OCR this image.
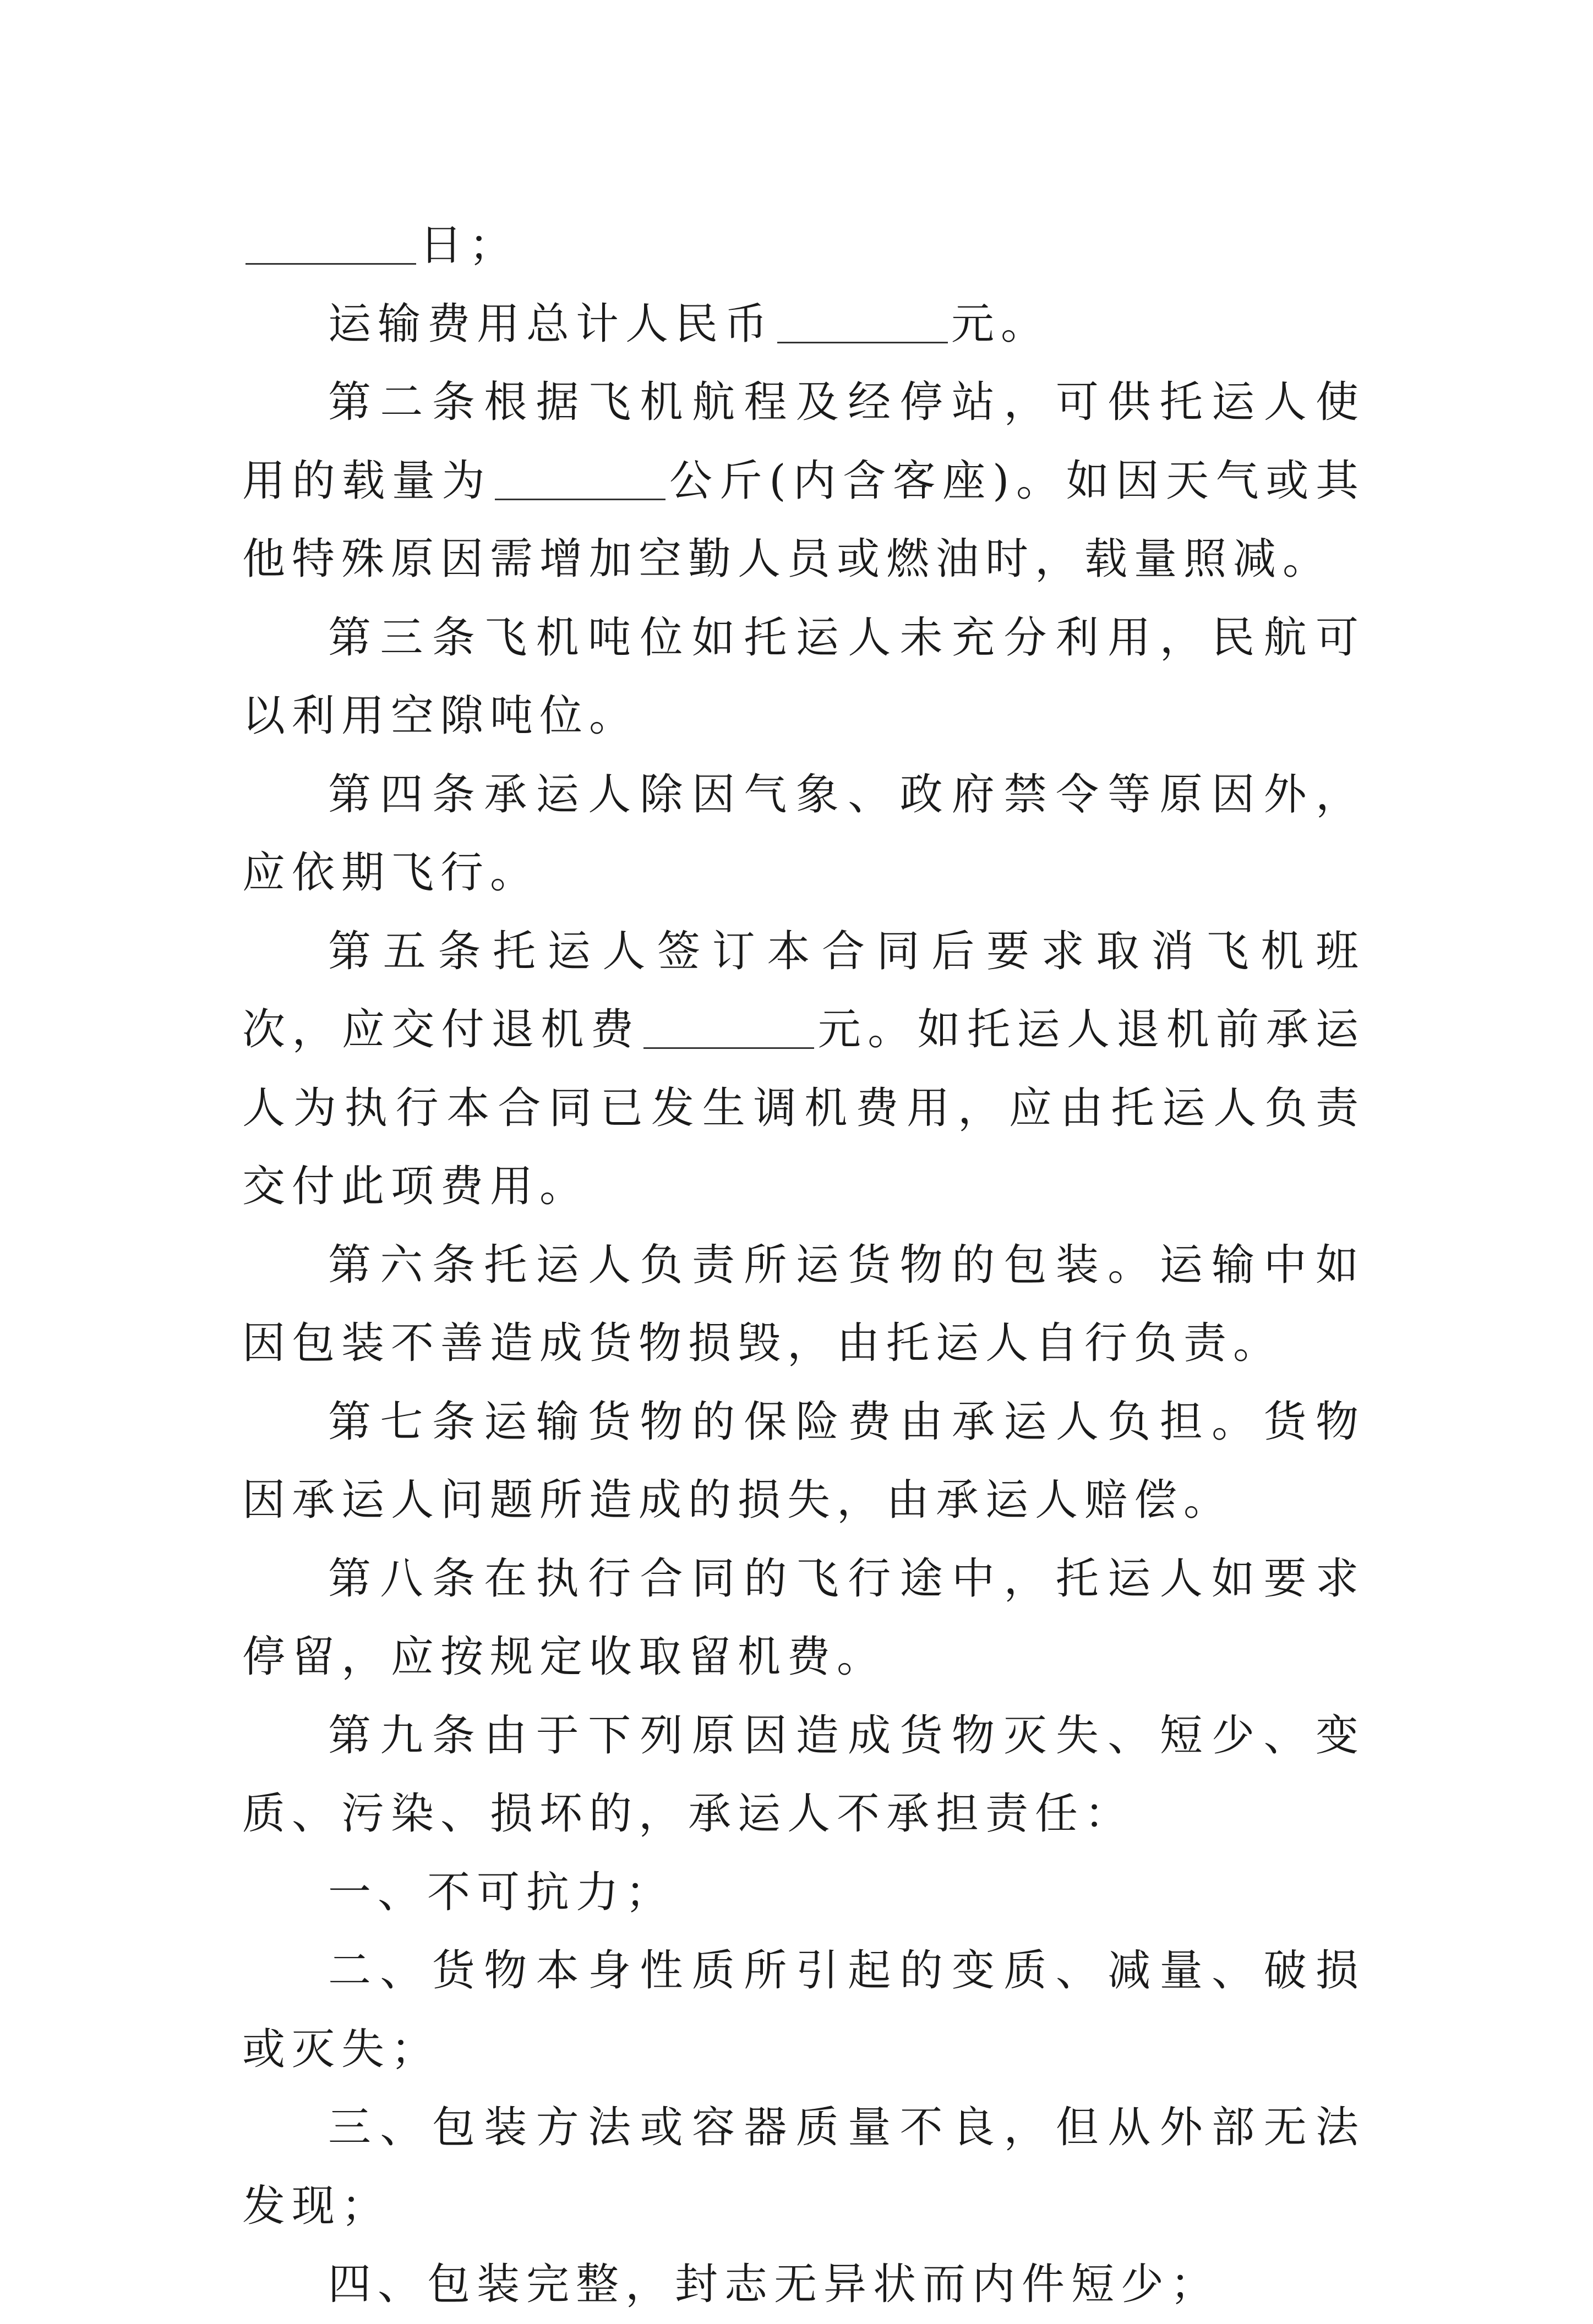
日；

运输费用总计人民币	元。

第二条根据飞机航程及经停站，可供托运人使用的载量为	公斤(内含客座)。如因天气或其他特殊原因需增加空勤人员或燃油时，载量照减。

第三条飞机吨位如托运人未充分利用，民航可以利用空隙吨位。

第四条承运人除因气象、政府禁令等原因外，应依期飞行。

第五条托运人签订本合同后要求取消飞机班次，应交付退机费	元。如托运人退机前承运人为执行本合同已发生调机费用，应由托运人负责交付此项费用。

第六条托运人负责所运货物的包装。运输中如因包装不善造成货物损毁，由托运人自行负责。

第七条运输货物的保险费由承运人负担。货物因承运人问题所造成的损失，由承运人赔偿。

第八条在执行合同的飞行途中，托运人如要求停留，应按规定收取留机费。

第九条由于下列原因造成货物灭失、短少、变质、污染、损坏的，承运人不承担责任：

一、不可抗力；

二、货物本身性质所引起的变质、减量、破损或灭失；

三、包装方法或容器质量不良，但从外部无法发现；

四、包装完整，封志无异状而内件短少；
